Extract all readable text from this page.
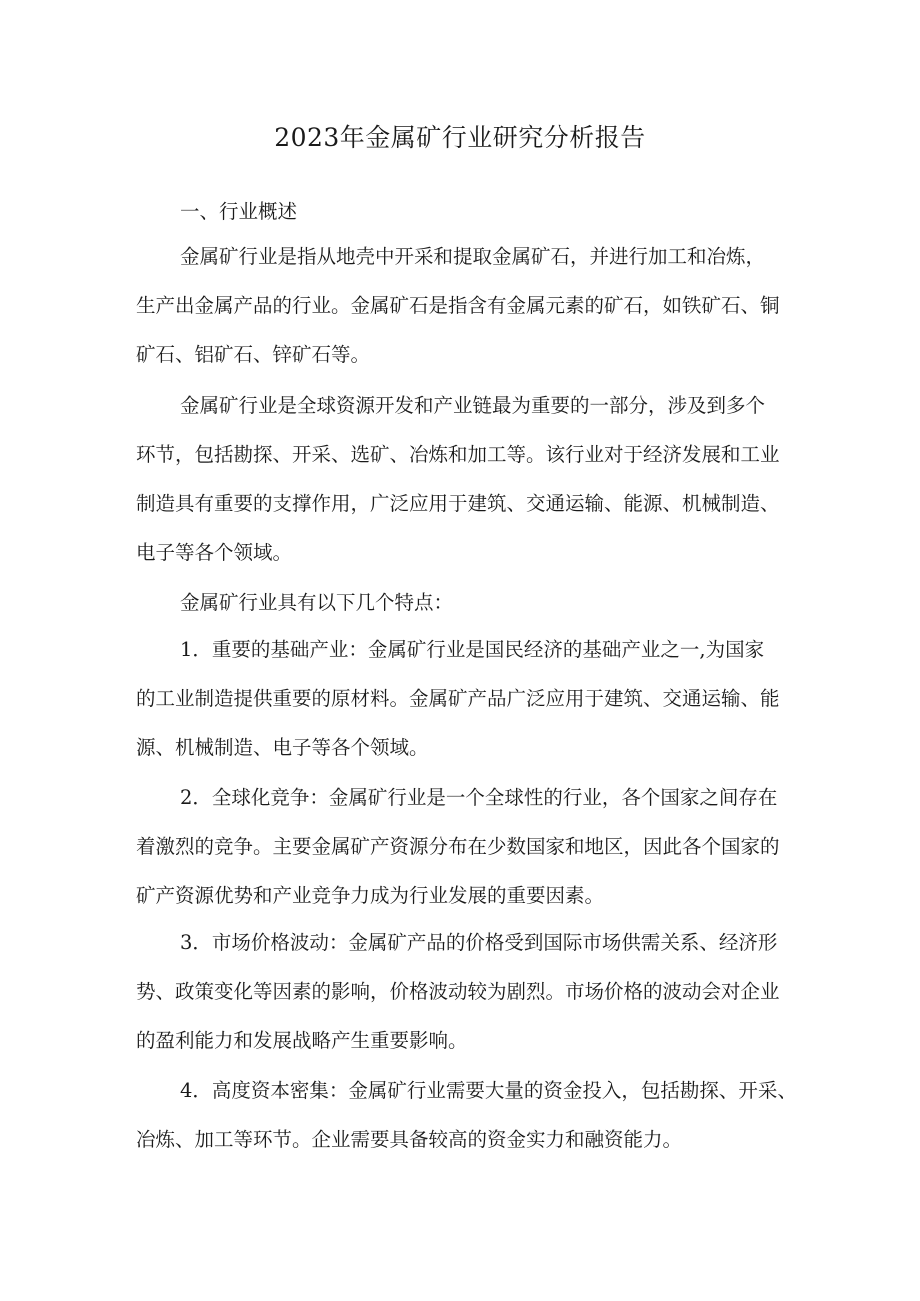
2023年金属矿行业研究分析报告
一、行业概述
金属矿行业是指从地壳中开采和提取金属矿石，并进行加工和冶炼，
生产出金属产品的行业。金属矿石是指含有金属元素的矿石，如铁矿石、铜
矿石、铝矿石、锌矿石等。
金属矿行业是全球资源开发和产业链最为重要的一部分，涉及到多个
环节，包括勘探、开采、选矿、冶炼和加工等。该行业对于经济发展和工业
制造具有重要的支撑作用，广泛应用于建筑、交通运输、能源、机械制造、
电子等各个领域。
金属矿行业具有以下几个特点：
1．重要的基础产业：金属矿行业是国民经济的基础产业之一,为国家
的工业制造提供重要的原材料。金属矿产品广泛应用于建筑、交通运输、能
源、机械制造、电子等各个领域。
2．全球化竞争：金属矿行业是一个全球性的行业，各个国家之间存在
着激烈的竞争。主要金属矿产资源分布在少数国家和地区，因此各个国家的
矿产资源优势和产业竞争力成为行业发展的重要因素。
3．市场价格波动：金属矿产品的价格受到国际市场供需关系、经济形
势、政策变化等因素的影响，价格波动较为剧烈。市场价格的波动会对企业
的盈利能力和发展战略产生重要影响。
4．高度资本密集：金属矿行业需要大量的资金投入，包括勘探、开采、
冶炼、加工等环节。企业需要具备较高的资金实力和融资能力。
